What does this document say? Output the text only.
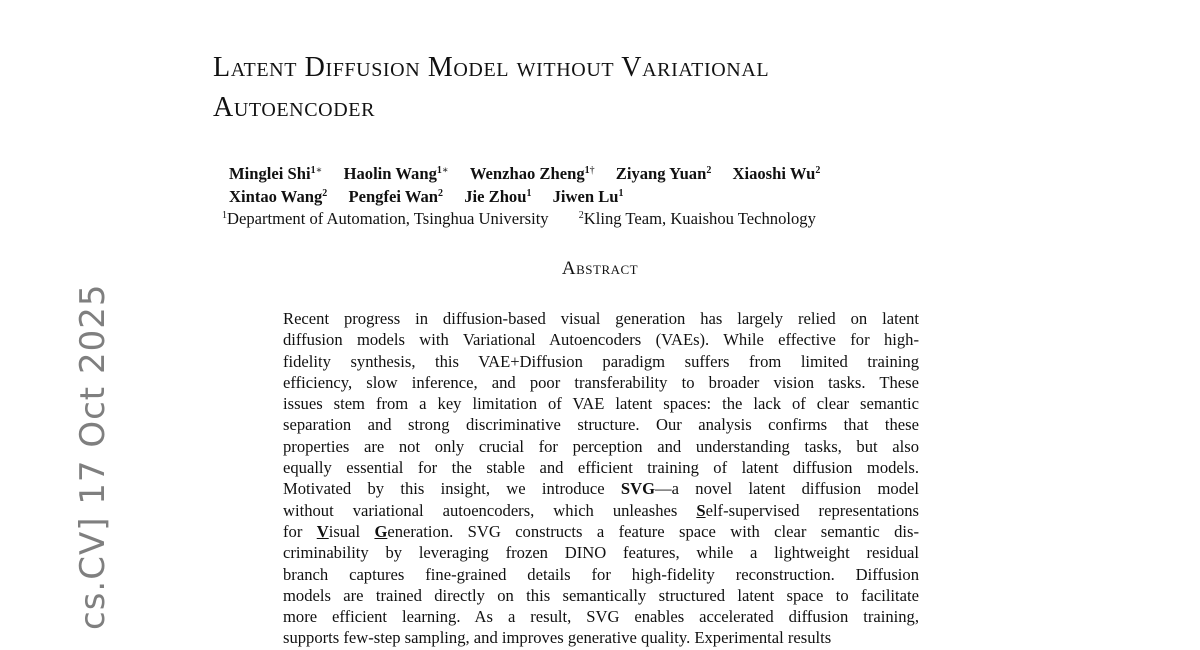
Latent Diffusion Model without Variational
Autoencoder
Minglei Shi$^{1∗}$ Haolin Wang$^{1∗}$ Wenzhao Zheng$^{1\dagger}$ Ziyang Yuan$^2$ Xiaoshi Wu$^2$
Xintao Wang$^2$ Pengfei Wan$^2$ Jie Zhou$^1$ Jiwen Lu$^1$
$^1$Department of Automation, Tsinghua University	$^2$Kling Team, Kuaishou Technology
Abstract
Recent progress in diffusion-based visual generation has largely relied on latent
diffusion models with Variational Autoencoders (VAEs). While effective for high-
fidelity synthesis, this VAE+Diffusion paradigm suffers from limited training
efficiency, slow inference, and poor transferability to broader vision tasks. These
issues stem from a key limitation of VAE latent spaces: the lack of clear semantic
separation and strong discriminative structure. Our analysis confirms that these
properties are not only crucial for perception and understanding tasks, but also
equally essential for the stable and efficient training of latent diffusion models.
Motivated by this insight, we introduce SVG—a novel latent diffusion model
without variational autoencoders, which unleashes Self-supervised representations
for Visual Generation. SVG constructs a feature space with clear semantic dis-
criminability by leveraging frozen DINO features, while a lightweight residual
branch captures fine-grained details for high-fidelity reconstruction. Diffusion
models are trained directly on this semantically structured latent space to facilitate
more efficient learning. As a result, SVG enables accelerated diffusion training,
supports few-step sampling, and improves generative quality. Experimental results
cs.CV] 17 Oct 2025
